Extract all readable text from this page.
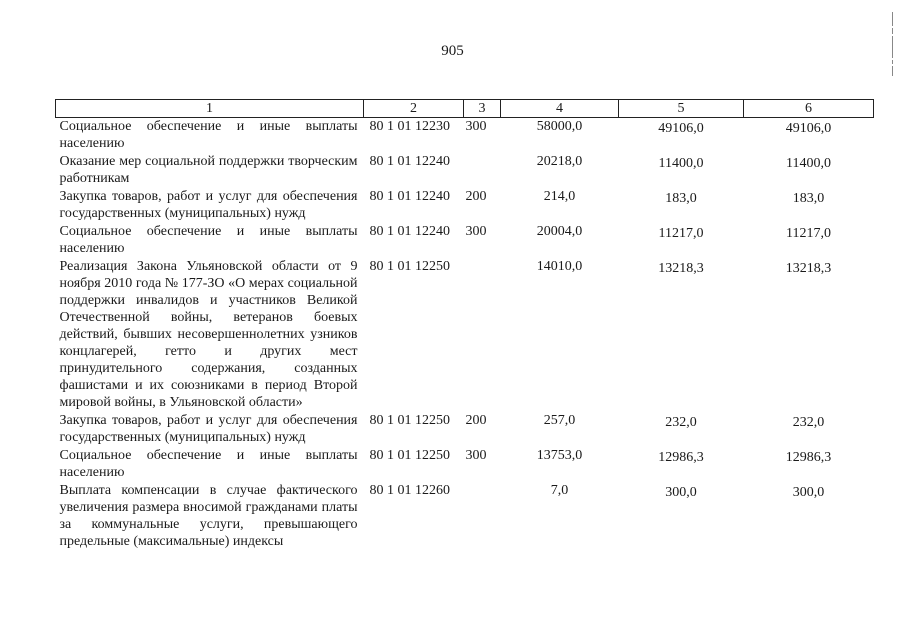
905
1	2	3	4	5	6
Социальное обеспечение и иные выплаты населению	80 1 01 12230	300	58000,0	49106,0	49106,0
Оказание мер социальной поддержки творческим работникам	80 1 01 12240		20218,0	11400,0	11400,0
Закупка товаров, работ и услуг для обеспечения государственных (муниципальных) нужд	80 1 01 12240	200	214,0	183,0	183,0
Социальное обеспечение и иные выплаты населению	80 1 01 12240	300	20004,0	11217,0	11217,0
Реализация Закона Ульяновской области от 9 ноября 2010 года № 177-ЗО «О мерах социальной поддержки инвалидов и участников Великой Отечественной войны, ветеранов боевых действий, бывших несовершеннолетних узников концлагерей, гетто и других мест принудительного содержания, созданных фашистами и их союзниками в период Второй мировой войны, в Ульяновской области»	80 1 01 12250		14010,0	13218,3	13218,3
Закупка товаров, работ и услуг для обеспечения государственных (муниципальных) нужд	80 1 01 12250	200	257,0	232,0	232,0
Социальное обеспечение и иные выплаты населению	80 1 01 12250	300	13753,0	12986,3	12986,3
Выплата компенсации в случае фактического увеличения размера вносимой гражданами платы за коммунальные услуги, превышающего предельные (максимальные) индексы	80 1 01 12260		7,0	300,0	300,0
